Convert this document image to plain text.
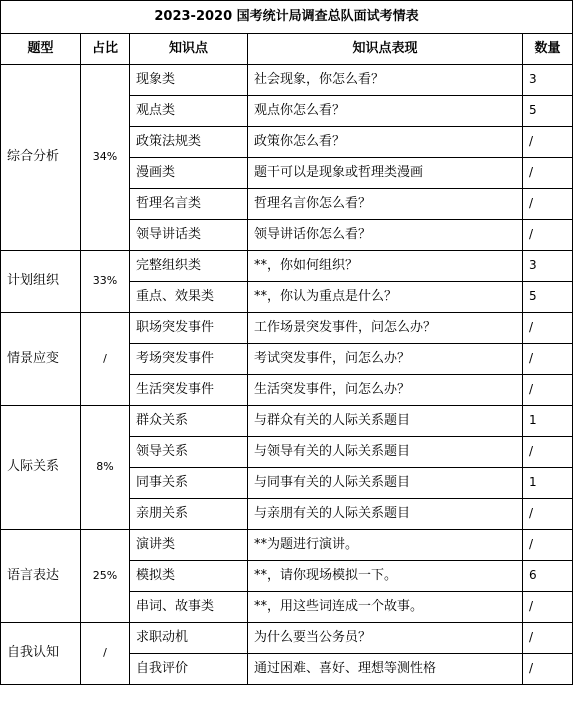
2023-2020 国考统计局调查总队面试考情表				
题型	占比	知识点	知识点表现	数量
综合分析	34%	现象类	社会现象，你怎么看？	3
		观点类	观点你怎么看？	5
		政策法规类	政策你怎么看？	/
		漫画类	题干可以是现象或哲理类漫画	/
		哲理名言类	哲理名言你怎么看？	/
		领导讲话类	领导讲话你怎么看？	/
计划组织	33%	完整组织类	**，你如何组织？	3
		重点、效果类	**，你认为重点是什么？	5
情景应变	/	职场突发事件	工作场景突发事件，问怎么办？	/
		考场突发事件	考试突发事件，问怎么办？	/
		生活突发事件	生活突发事件，问怎么办？	/
人际关系	8%	群众关系	与群众有关的人际关系题目	1
		领导关系	与领导有关的人际关系题目	/
		同事关系	与同事有关的人际关系题目	1
		亲朋关系	与亲朋有关的人际关系题目	/
语言表达	25%	演讲类	**为题进行演讲。	/
		模拟类	**，请你现场模拟一下。	6
		串词、故事类	**，用这些词连成一个故事。	/
自我认知	/	求职动机	为什么要当公务员？	/
		自我评价	通过困难、喜好、理想等测性格	/
